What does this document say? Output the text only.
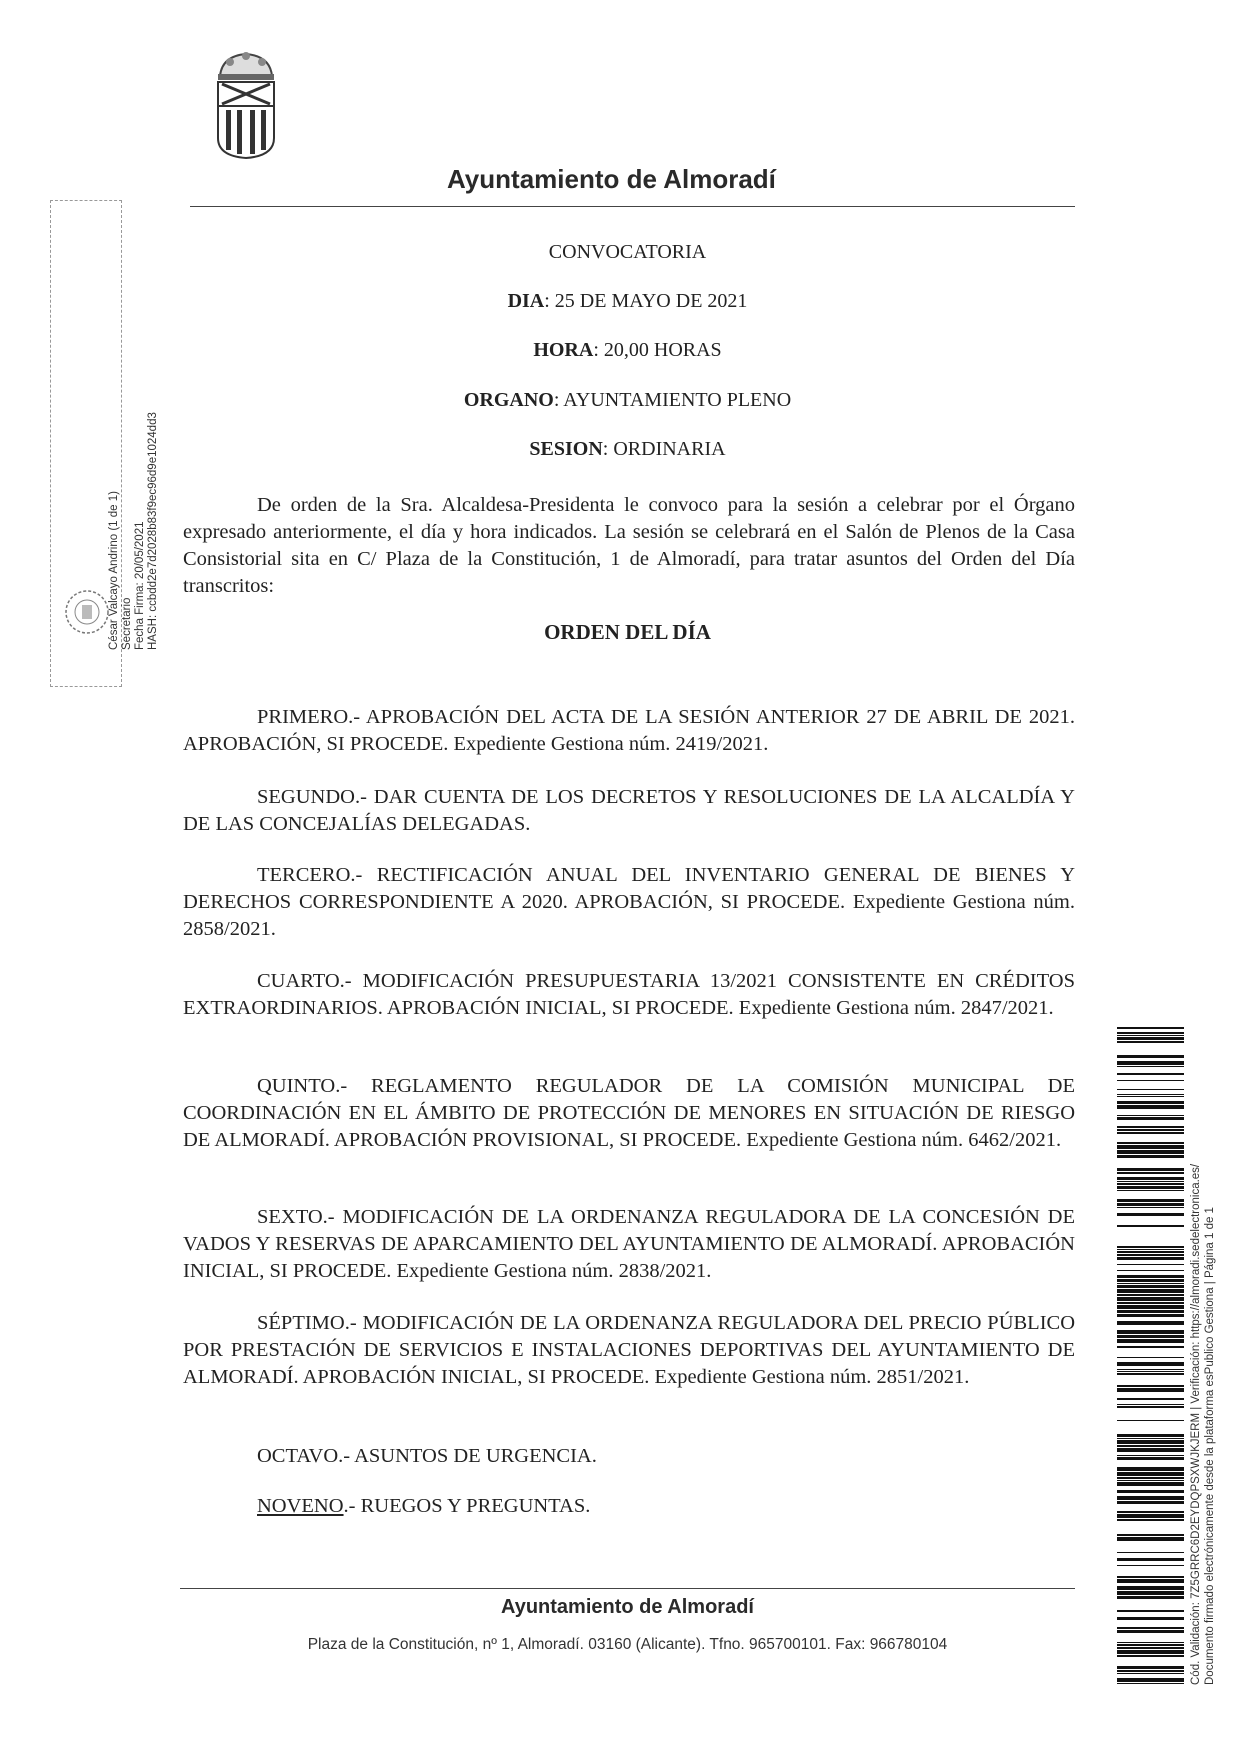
Ayuntamiento de Almoradí
CONVOCATORIA
DIA: 25 DE MAYO DE 2021
HORA: 20,00 HORAS
ORGANO: AYUNTAMIENTO PLENO
SESION: ORDINARIA
De orden de la Sra. Alcaldesa-Presidenta le convoco para la sesión a celebrar por el Órgano expresado anteriormente, el día y hora indicados. La sesión se celebrará en el Salón de Plenos de la Casa Consistorial sita en C/ Plaza de la Constitución, 1 de Almoradí, para tratar asuntos del Orden del Día transcritos:
ORDEN DEL DÍA
PRIMERO.- APROBACIÓN DEL ACTA DE LA SESIÓN ANTERIOR 27 DE ABRIL DE 2021. APROBACIÓN, SI PROCEDE. Expediente Gestiona núm. 2419/2021.
SEGUNDO.- DAR CUENTA DE LOS DECRETOS Y RESOLUCIONES DE LA ALCALDÍA Y DE LAS CONCEJALÍAS DELEGADAS.
TERCERO.- RECTIFICACIÓN ANUAL DEL INVENTARIO GENERAL DE BIENES Y DERECHOS CORRESPONDIENTE A 2020. APROBACIÓN, SI PROCEDE. Expediente Gestiona núm. 2858/2021.
CUARTO.- MODIFICACIÓN PRESUPUESTARIA 13/2021 CONSISTENTE EN CRÉDITOS EXTRAORDINARIOS. APROBACIÓN INICIAL, SI PROCEDE. Expediente Gestiona núm. 2847/2021.
QUINTO.- REGLAMENTO REGULADOR DE LA COMISIÓN MUNICIPAL DE COORDINACIÓN EN EL ÁMBITO DE PROTECCIÓN DE MENORES EN SITUACIÓN DE RIESGO DE ALMORADÍ. APROBACIÓN PROVISIONAL, SI PROCEDE. Expediente Gestiona núm. 6462/2021.
SEXTO.- MODIFICACIÓN DE LA ORDENANZA REGULADORA DE LA CONCESIÓN DE VADOS Y RESERVAS DE APARCAMIENTO DEL AYUNTAMIENTO DE ALMORADÍ. APROBACIÓN INICIAL, SI PROCEDE. Expediente Gestiona núm. 2838/2021.
SÉPTIMO.- MODIFICACIÓN DE LA ORDENANZA REGULADORA DEL PRECIO PÚBLICO POR PRESTACIÓN DE SERVICIOS E INSTALACIONES DEPORTIVAS DEL AYUNTAMIENTO DE ALMORADÍ. APROBACIÓN INICIAL, SI PROCEDE. Expediente Gestiona núm. 2851/2021.
OCTAVO.- ASUNTOS DE URGENCIA.
NOVENO.- RUEGOS Y PREGUNTAS.
Ayuntamiento de Almoradí
Plaza de la Constitución, nº 1, Almoradí. 03160 (Alicante). Tfno. 965700101. Fax: 966780104
César Valcayo Andrino (1 de 1) Secretario Fecha Firma: 20/05/2021 HASH: ccbdd2e7d2028b83f9ec96d9e1024dd3
Cód. Validación: 7Z5GRRC6D2EYDQPSXWJKJERM | Verificación: https://almoradi.sedelectronica.es/ Documento firmado electrónicamente desde la plataforma esPublico Gestiona | Página 1 de 1
